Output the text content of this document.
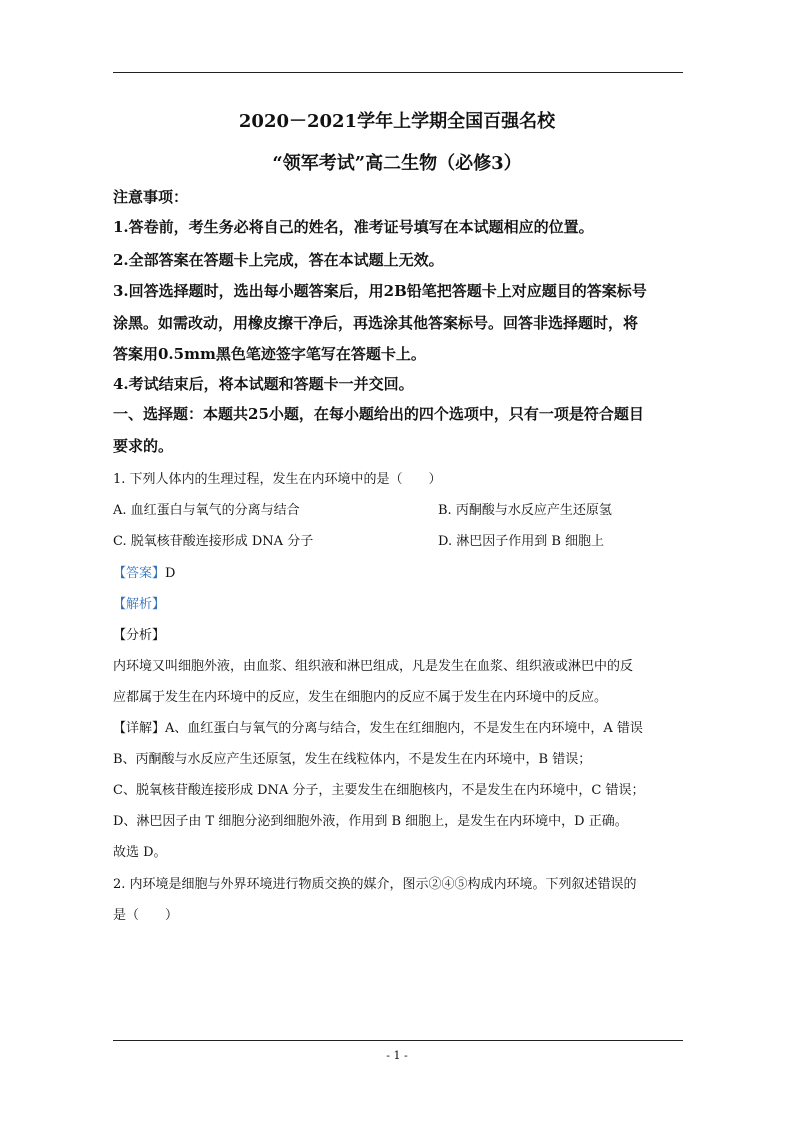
2020－2021学年上学期全国百强名校
“领军考试”高二生物（必修3）
注意事项：
1.答卷前，考生务必将自己的姓名，准考证号填写在本试题相应的位置。
2.全部答案在答题卡上完成，答在本试题上无效。
3.回答选择题时，选出每小题答案后，用2B铅笔把答题卡上对应题目的答案标号
涂黑。如需改动，用橡皮擦干净后，再选涂其他答案标号。回答非选择题时，将
答案用0.5mm黑色笔迹签字笔写在答题卡上。
4.考试结束后，将本试题和答题卡一并交回。
一、选择题：本题共25小题，在每小题给出的四个选项中，只有一项是符合题目
要求的。
1. 下列人体内的生理过程，发生在内环境中的是（　　）
A. 血红蛋白与氧气的分离与结合	B. 丙酮酸与水反应产生还原氢
C. 脱氧核苷酸连接形成 DNA 分子	D. 淋巴因子作用到 B 细胞上
【答案】D
【解析】
【分析】
内环境又叫细胞外液，由血浆、组织液和淋巴组成，凡是发生在血浆、组织液或淋巴中的反
应都属于发生在内环境中的反应，发生在细胞内的反应不属于发生在内环境中的反应。
【详解】A、血红蛋白与氧气的分离与结合，发生在红细胞内，不是发生在内环境中，A 错误
B、丙酮酸与水反应产生还原氢，发生在线粒体内，不是发生在内环境中，B 错误；
C、脱氧核苷酸连接形成 DNA 分子，主要发生在细胞核内，不是发生在内环境中，C 错误；
D、淋巴因子由 T 细胞分泌到细胞外液，作用到 B 细胞上，是发生在内环境中，D 正确。
故选 D。
2. 内环境是细胞与外界环境进行物质交换的媒介，图示②④⑤构成内环境。下列叙述错误的
是（　　）
- 1 -
